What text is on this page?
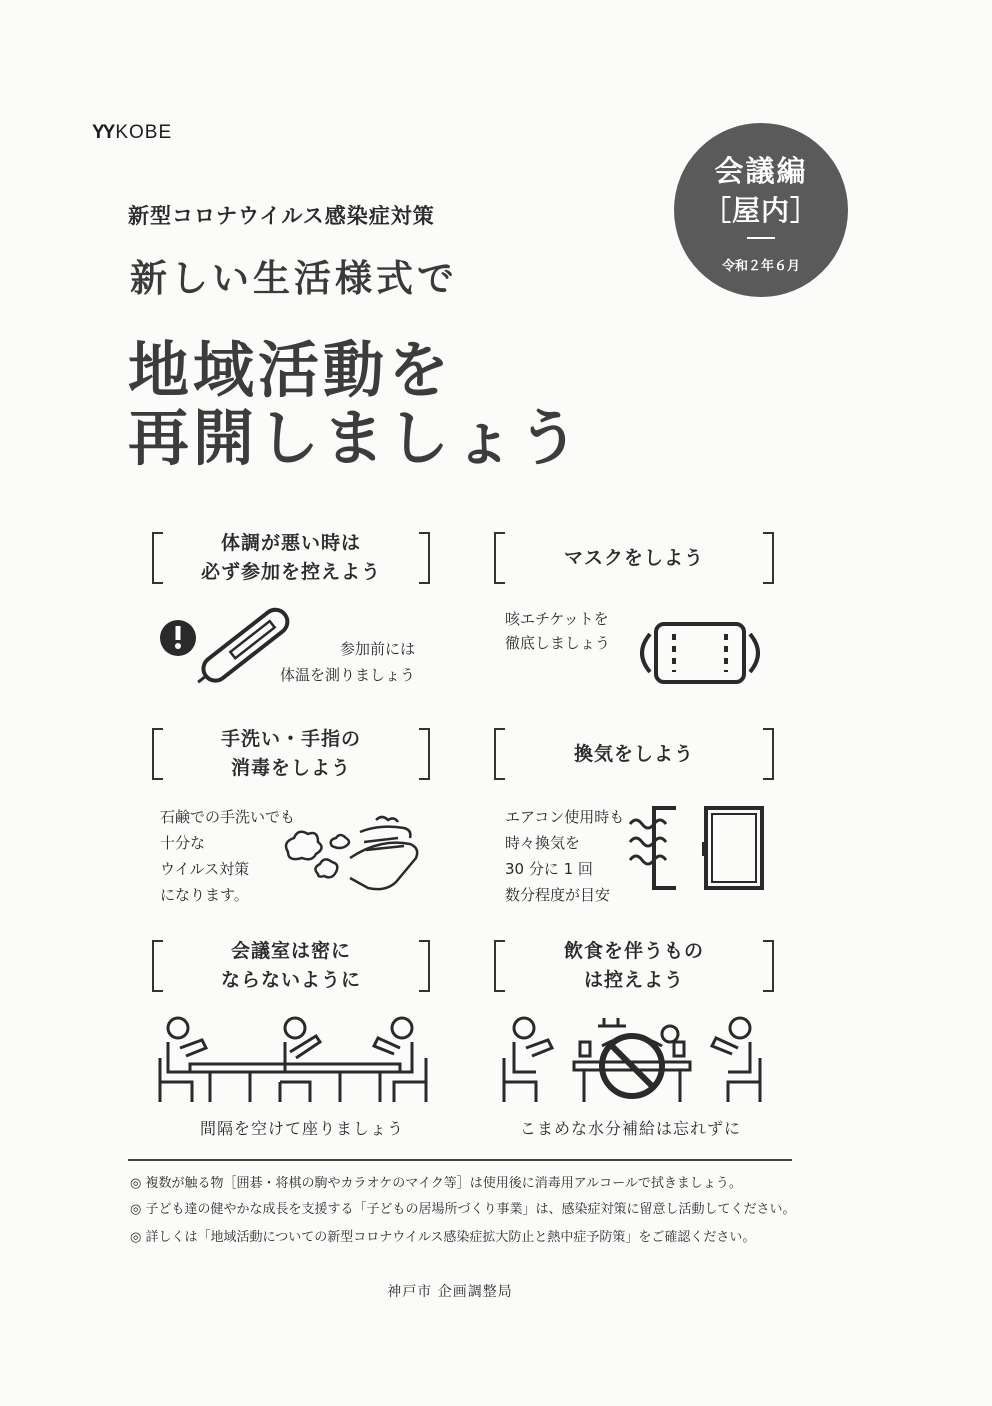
ΥΥ KOBE
新型コロナウイルス感染症対策
新しい生活様式で
地域活動を
再開しましょう
会議編
［屋内］
令和２年６月
体調が悪い時は
必ず参加を控えよう
参加前には
体温を測りましょう
マスクをしよう
咳エチケットを
徹底しましょう
手洗い・手指の
消毒をしよう
石鹸での手洗いでも
十分な
ウイルス対策
になります。
換気をしよう
エアコン使用時も
時々換気を
30 分に 1 回
数分程度が目安
会議室は密に
ならないように
間隔を空けて座りましょう
飲食を伴うもの
は控えよう
こまめな水分補給は忘れずに
◎ 複数が触る物［囲碁・将棋の駒やカラオケのマイク等］は使用後に消毒用アルコールで拭きましょう。
◎ 子ども達の健やかな成長を支援する「子どもの居場所づくり事業」は、感染症対策に留意し活動してください。
◎ 詳しくは「地域活動についての新型コロナウイルス感染症拡大防止と熱中症予防策」をご確認ください。
神戸市 企画調整局
